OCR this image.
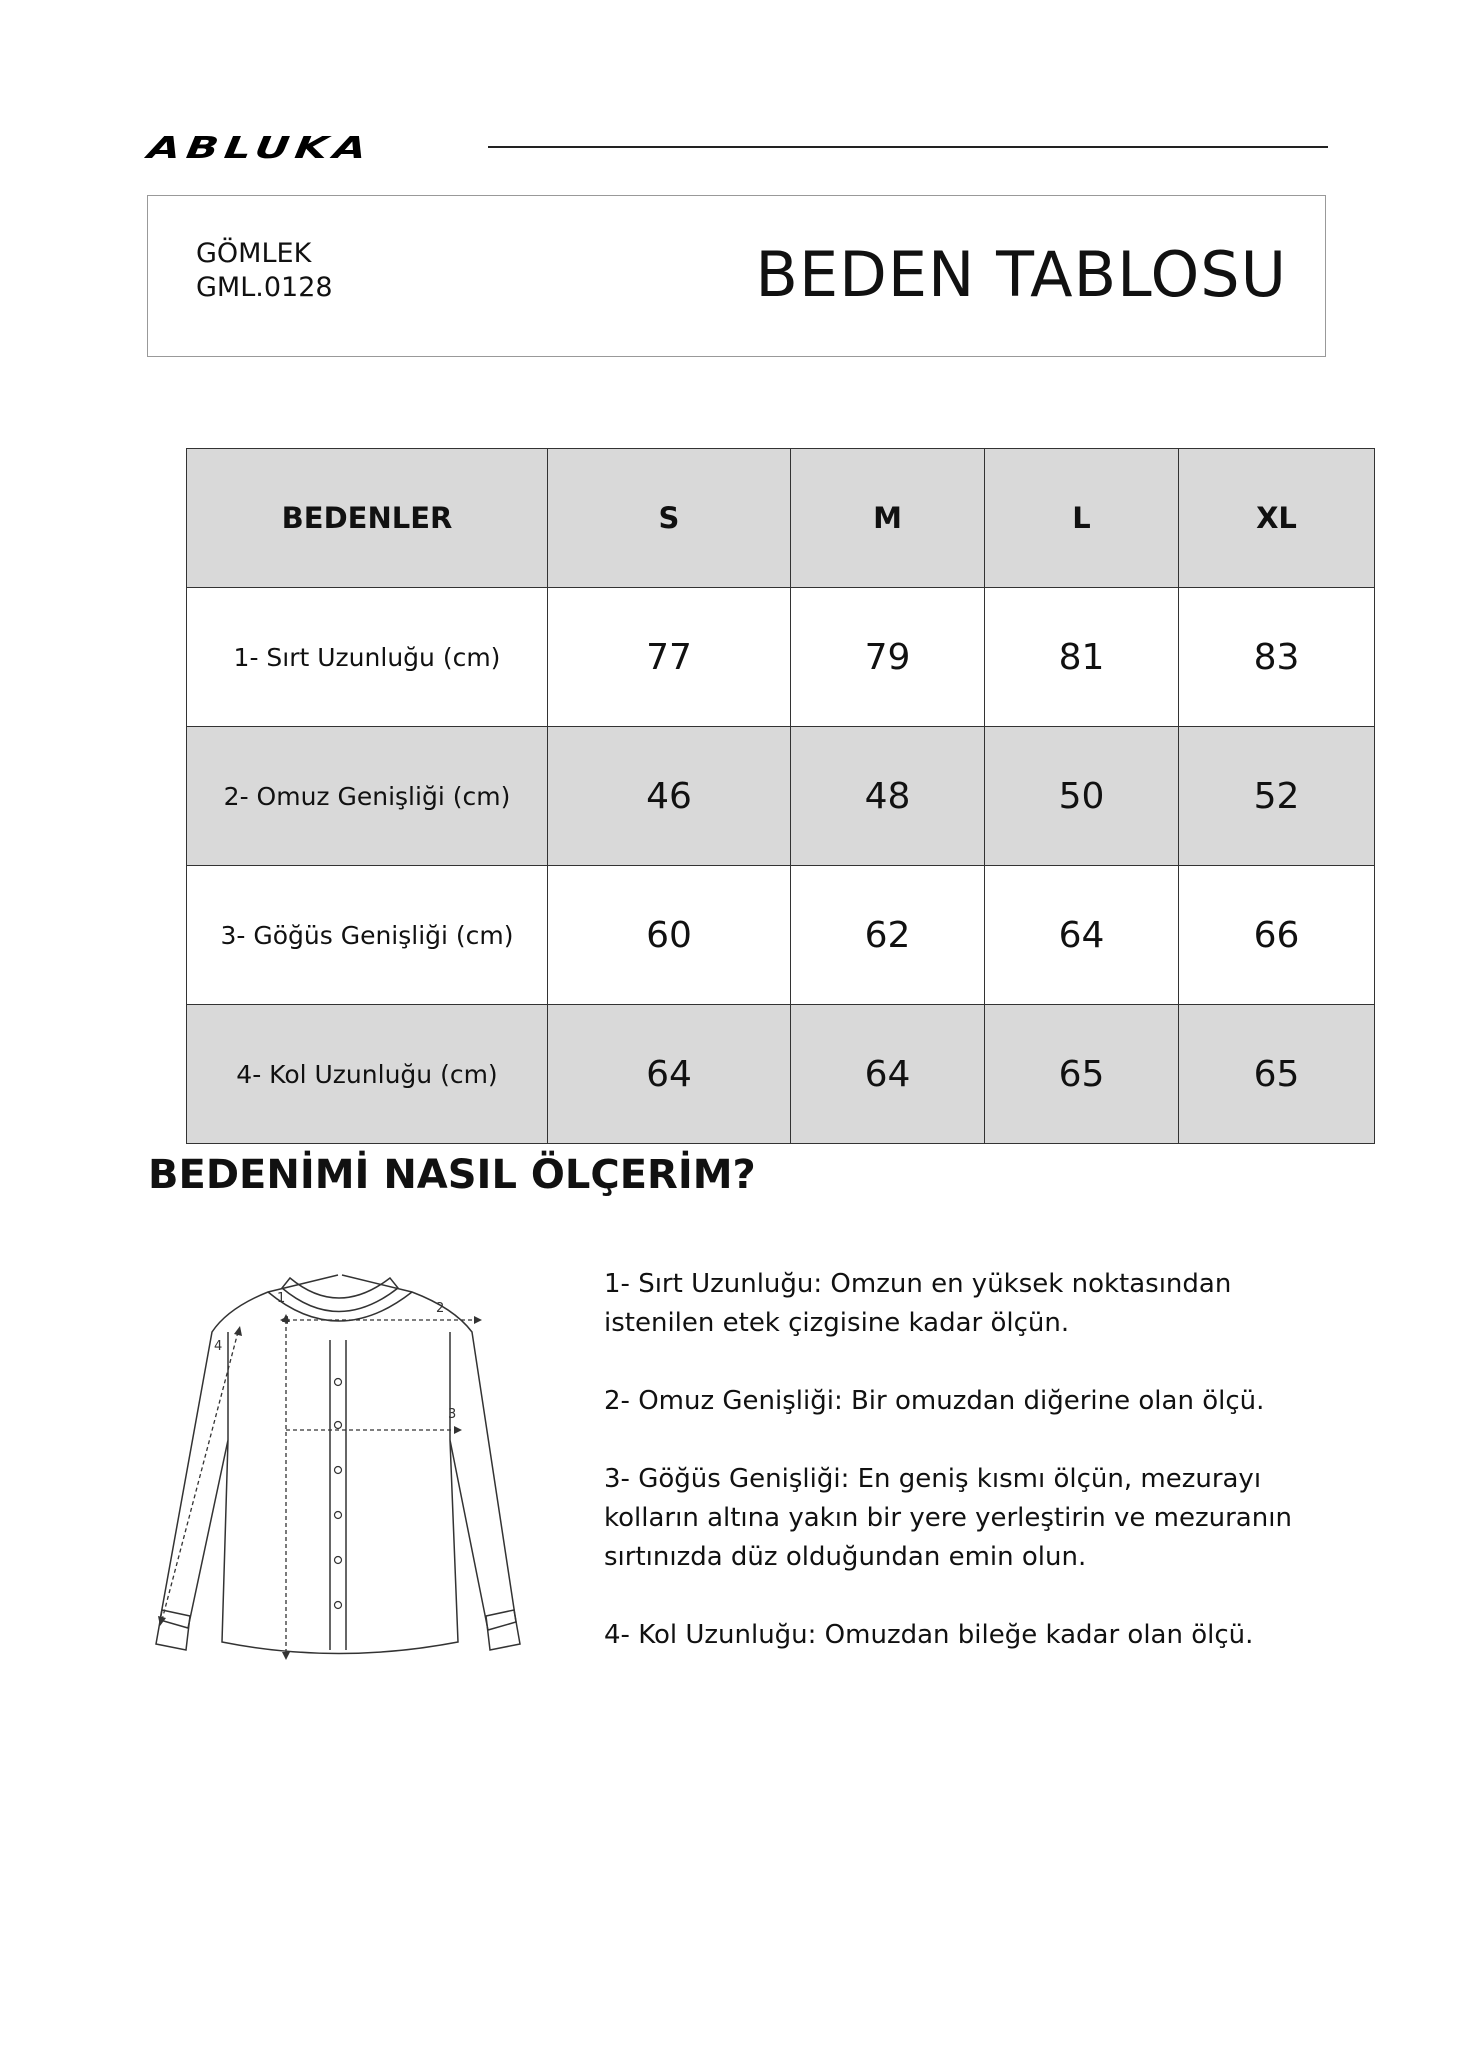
ABLUKA
GÖMLEK
GML.0128	BEDEN TABLOSU
BEDENLER	S	M	L	XL
1- Sırt Uzunluğu (cm)	77	79	81	83
2- Omuz Genişliği (cm)	46	48	50	52
3- Göğüs Genişliği (cm)	60	62	64	66
4- Kol Uzunluğu (cm)	64	64	65	65
BEDENİMİ NASIL ÖLÇERİM?
1
2
3
4

1- Sırt Uzunluğu: Omzun en yüksek noktasından istenilen etek çizgisine kadar ölçün.

2- Omuz Genişliği: Bir omuzdan diğerine olan ölçü.

3- Göğüs Genişliği: En geniş kısmı ölçün, mezurayı kolların altına yakın bir yere yerleştirin ve mezuranın sırtınızda düz olduğundan emin olun.

4- Kol Uzunluğu: Omuzdan bileğe kadar olan ölçü.
